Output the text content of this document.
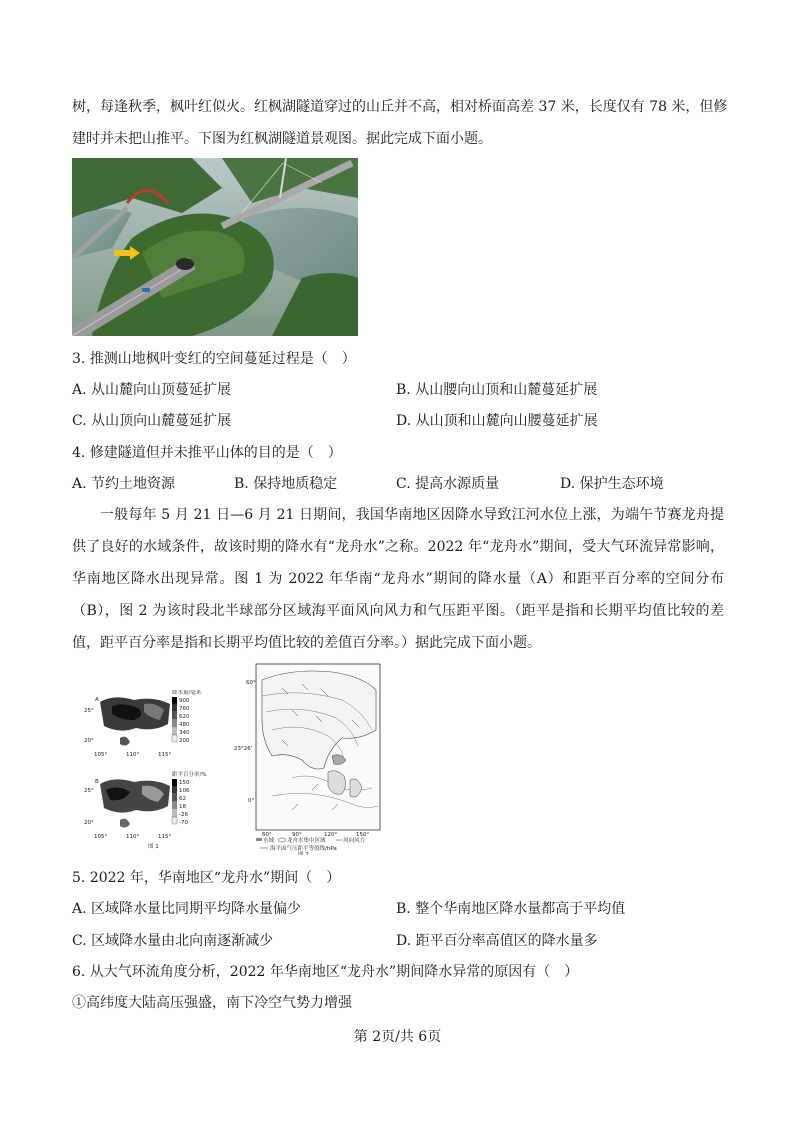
树，每逢秋季，枫叶红似火。红枫湖隧道穿过的山丘并不高，相对桥面高差 37 米，长度仅有 78 米，但修
建时并未把山推平。下图为红枫湖隧道景观图。据此完成下面小题。
3. 推测山地枫叶变红的空间蔓延过程是（　）
A. 从山麓向山顶蔓延扩展	B. 从山腰向山顶和山麓蔓延扩展
C. 从山顶向山麓蔓延扩展	D. 从山顶和山麓向山腰蔓延扩展
4. 修建隧道但并未推平山体的目的是（　）
A. 节约土地资源	B. 保持地质稳定	C. 提高水源质量	D. 保护生态环境
一般每年 5 月 21 日—6 月 21 日期间，我国华南地区因降水导致江河水位上涨，为端午节赛龙舟提供了良好的水域条件，故该时期的降水有“龙舟水”之称。2022 年“龙舟水”期间，受大气环流异常影响，华南地区降水出现异常。图 1 为 2022 年华南“龙舟水”期间的降水量（A）和距平百分率的空间分布（B），图 2 为该时段北半球部分区域海平面风向风力和气压距平图。（距平是指和长期平均值比较的差值，距平百分率是指和长期平均值比较的差值百分率。）据此完成下面小题。
A
25°
20°
105°	110°	115°
降水量/毫米
900
760
620
480
340
200
B
25°
20°
105°	110°	115°
距平百分率/%
150
106
62
18
-26
-70
图 1
60°
23°26'
0°
60°	90°	120°	150°
水域 龙舟水集中区域	风向风力
海平面气压距平等值线/hPa
图 2
5. 2022 年，华南地区“龙舟水”期间（　）
A. 区域降水量比同期平均降水量偏少	B. 整个华南地区降水量都高于平均值
C. 区域降水量由北向南逐渐减少	D. 距平百分率高值区的降水量多
6. 从大气环流角度分析，2022 年华南地区“龙舟水”期间降水异常的原因有（　）
①高纬度大陆高压强盛，南下冷空气势力增强
第 2页/共 6页
